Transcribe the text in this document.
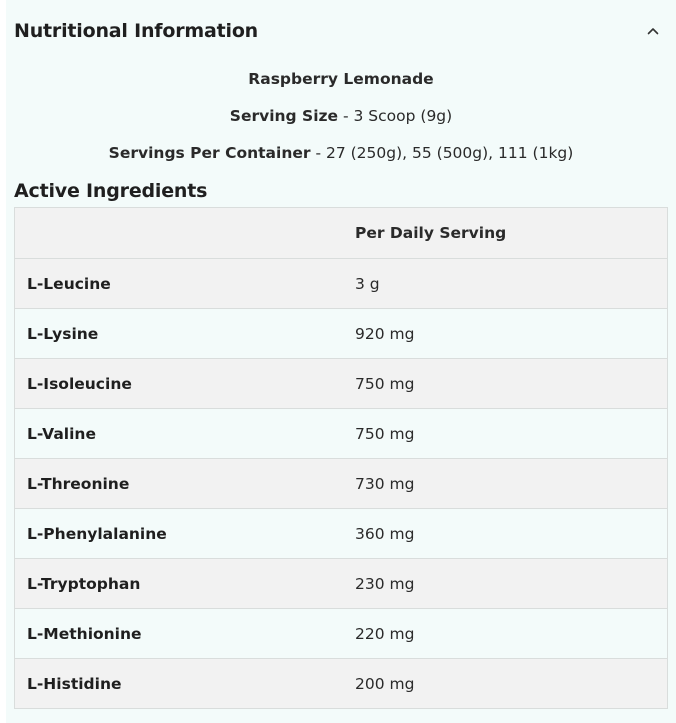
Nutritional Information
Raspberry Lemonade
Serving Size - 3 Scoop (9g)
Servings Per Container - 27 (250g), 55 (500g), 111 (1kg)
Active Ingredients
Per Daily Serving
L-Leucine	3 g
L-Lysine	920 mg
L-Isoleucine	750 mg
L-Valine	750 mg
L-Threonine	730 mg
L-Phenylalanine	360 mg
L-Tryptophan	230 mg
L-Methionine	220 mg
L-Histidine	200 mg
